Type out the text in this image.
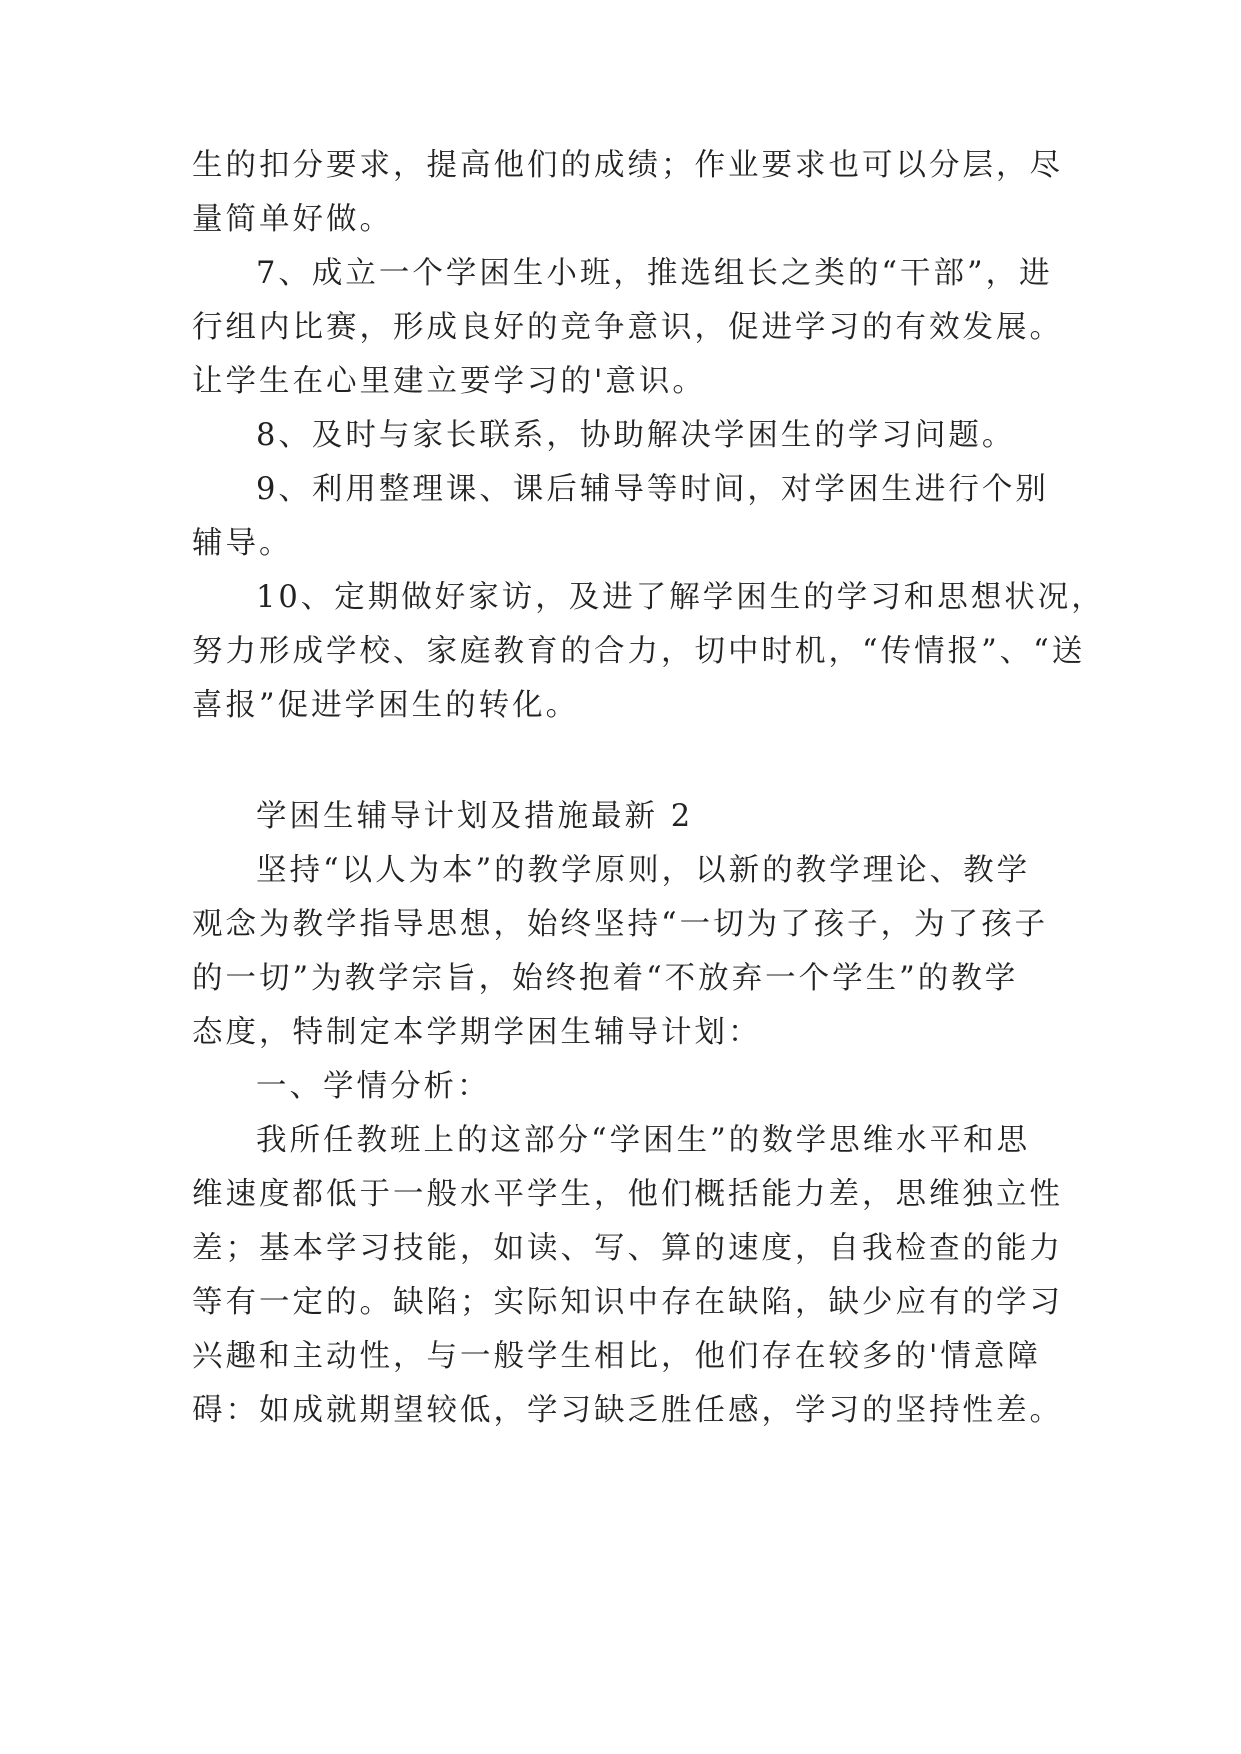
生的扣分要求，提高他们的成绩；作业要求也可以分层，尽
量简单好做。
7、成立一个学困生小班，推选组长之类的“干部”，进
行组内比赛，形成良好的竞争意识，促进学习的有效发展。
让学生在心里建立要学习的'意识。
8、及时与家长联系，协助解决学困生的学习问题。
9、利用整理课、课后辅导等时间，对学困生进行个别
辅导。
10、定期做好家访，及进了解学困生的学习和思想状况，
努力形成学校、家庭教育的合力，切中时机，“传情报”、“送
喜报”促进学困生的转化。
学困生辅导计划及措施最新 2
坚持“以人为本”的教学原则，以新的教学理论、教学
观念为教学指导思想，始终坚持“一切为了孩子，为了孩子
的一切”为教学宗旨，始终抱着“不放弃一个学生”的教学
态度，特制定本学期学困生辅导计划：
一、学情分析：
我所任教班上的这部分“学困生”的数学思维水平和思
维速度都低于一般水平学生，他们概括能力差，思维独立性
差；基本学习技能，如读、写、算的速度，自我检查的能力
等有一定的。缺陷；实际知识中存在缺陷，缺少应有的学习
兴趣和主动性，与一般学生相比，他们存在较多的'情意障
碍：如成就期望较低，学习缺乏胜任感，学习的坚持性差。
